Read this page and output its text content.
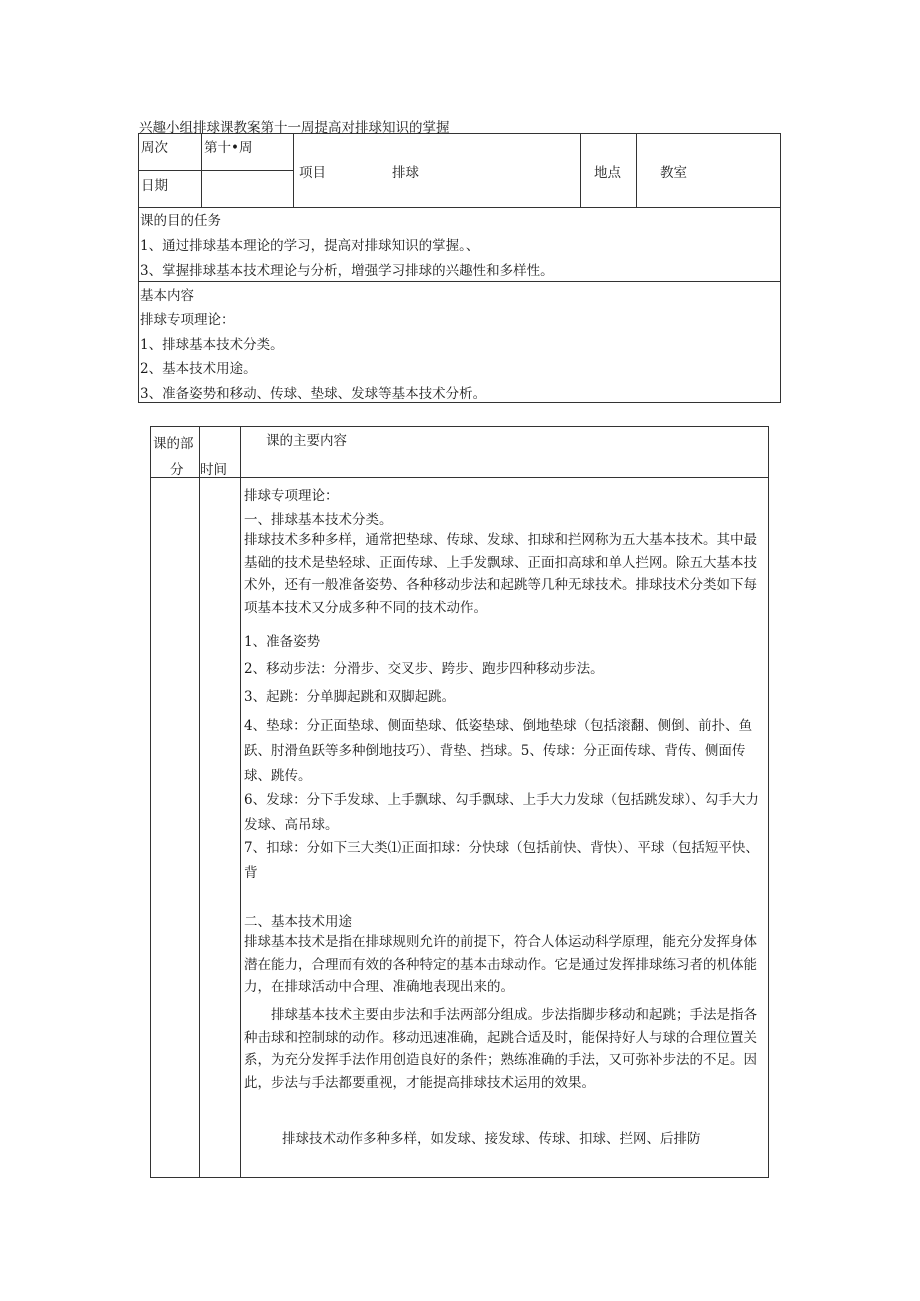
兴趣小组排球课教案第十一周提高对排球知识的掌握
周次	第十•周
日期
项目	排球	地点	教室
课的目的任务
1、通过排球基本理论的学习，提高对排球知识的掌握。、
3、掌握排球基本技术理论与分析，增强学习排球的兴趣性和多样性。
基本内容
排球专项理论：
1、排球基本技术分类。
2、基本技术用途。
3、准备姿势和移动、传球、垫球、发球等基本技术分析。
课的部
分 时间
课的主要内容
排球专项理论：
一、排球基本技术分类。
排球技术多种多样，通常把垫球、传球、发球、扣球和拦网称为五大基本技术。其中最基础的技术是垫轻球、正面传球、上手发飘球、正面扣高球和单人拦网。除五大基本技术外，还有一般准备姿势、各种移动步法和起跳等几种无球技术。排球技术分类如下每项基本技术又分成多种不同的技术动作。
1、准备姿势
2、移动步法：分滑步、交叉步、跨步、跑步四种移动步法。
3、起跳：分单脚起跳和双脚起跳。
4、垫球：分正面垫球、侧面垫球、低姿垫球、倒地垫球（包括滚翻、侧倒、前扑、鱼跃、肘滑鱼跃等多种倒地技巧）、背垫、挡球。5、传球：分正面传球、背传、侧面传球、跳传。
6、发球：分下手发球、上手飘球、勾手飘球、上手大力发球（包括跳发球）、勾手大力发球、高吊球。
7、扣球：分如下三大类⑴正面扣球：分快球（包括前快、背快）、平球（包括短平快、背
二、基本技术用途
排球基本技术是指在排球规则允许的前提下，符合人体运动科学原理，能充分发挥身体潜在能力，合理而有效的各种特定的基本击球动作。它是通过发挥排球练习者的机体能力，在排球活动中合理、准确地表现出来的。
排球基本技术主要由步法和手法两部分组成。步法指脚步移动和起跳；手法是指各种击球和控制球的动作。移动迅速准确，起跳合适及时，能保持好人与球的合理位置关系，为充分发挥手法作用创造良好的条件；熟练准确的手法，又可弥补步法的不足。因此，步法与手法都要重视，才能提高排球技术运用的效果。
排球技术动作多种多样，如发球、接发球、传球、扣球、拦网、后排防
